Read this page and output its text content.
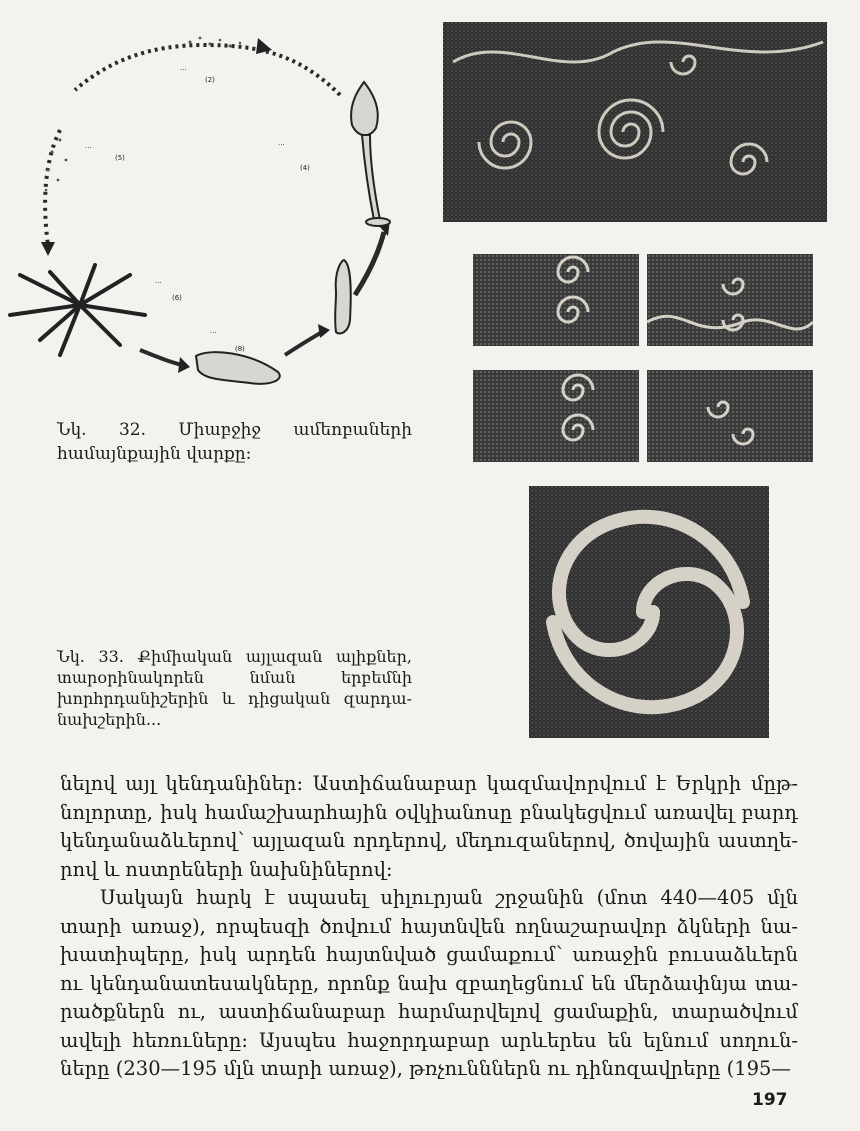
...
(2)
...
(5)
...
(4)
...
(6)
...
(8)
Նկ. 32. Միաբջիջ ամեոբաների համայնքային վարքը:
Նկ. 33. Քիմիական այլազան ալիքներ, տարօրինակորեն նման երբեմնի խորհրդանիշերին և դիցական զարդանախշերին...

նելով այլ կենդանիներ: Աստիճանաբար կազմավորվում է Երկրի մըթնոլորտը, իսկ համաշխարհային օվկիանոսը բնակեցվում առավել բարդ կենդանաձևերով՝ այլազան որդերով, մեդուզաներով, ծովային աստղերով և ոստրեների նախնիներով:

Սակայն հարկ է սպասել սիլուրյան շրջանին (մոտ 440—405 մլն տարի առաջ), որպեսզի ծովում հայտնվեն ողնաշարավոր ձկների նախատիպերը, իսկ արդեն հայտնված ցամաքում՝ առաջին բուսաձևերն ու կենդանատեսակները, որոնք նախ զբաղեցնում են մերձափնյա տարածքներն ու, աստիճանաբար հարմարվելով ցամաքին, տարածվում ավելի հեռուները: Այսպես հաջորդաբար արևերես են ելնում սողունները (230—195 մլն տարի առաջ), թռչունններն ու դինոզավրերը (195—

197
